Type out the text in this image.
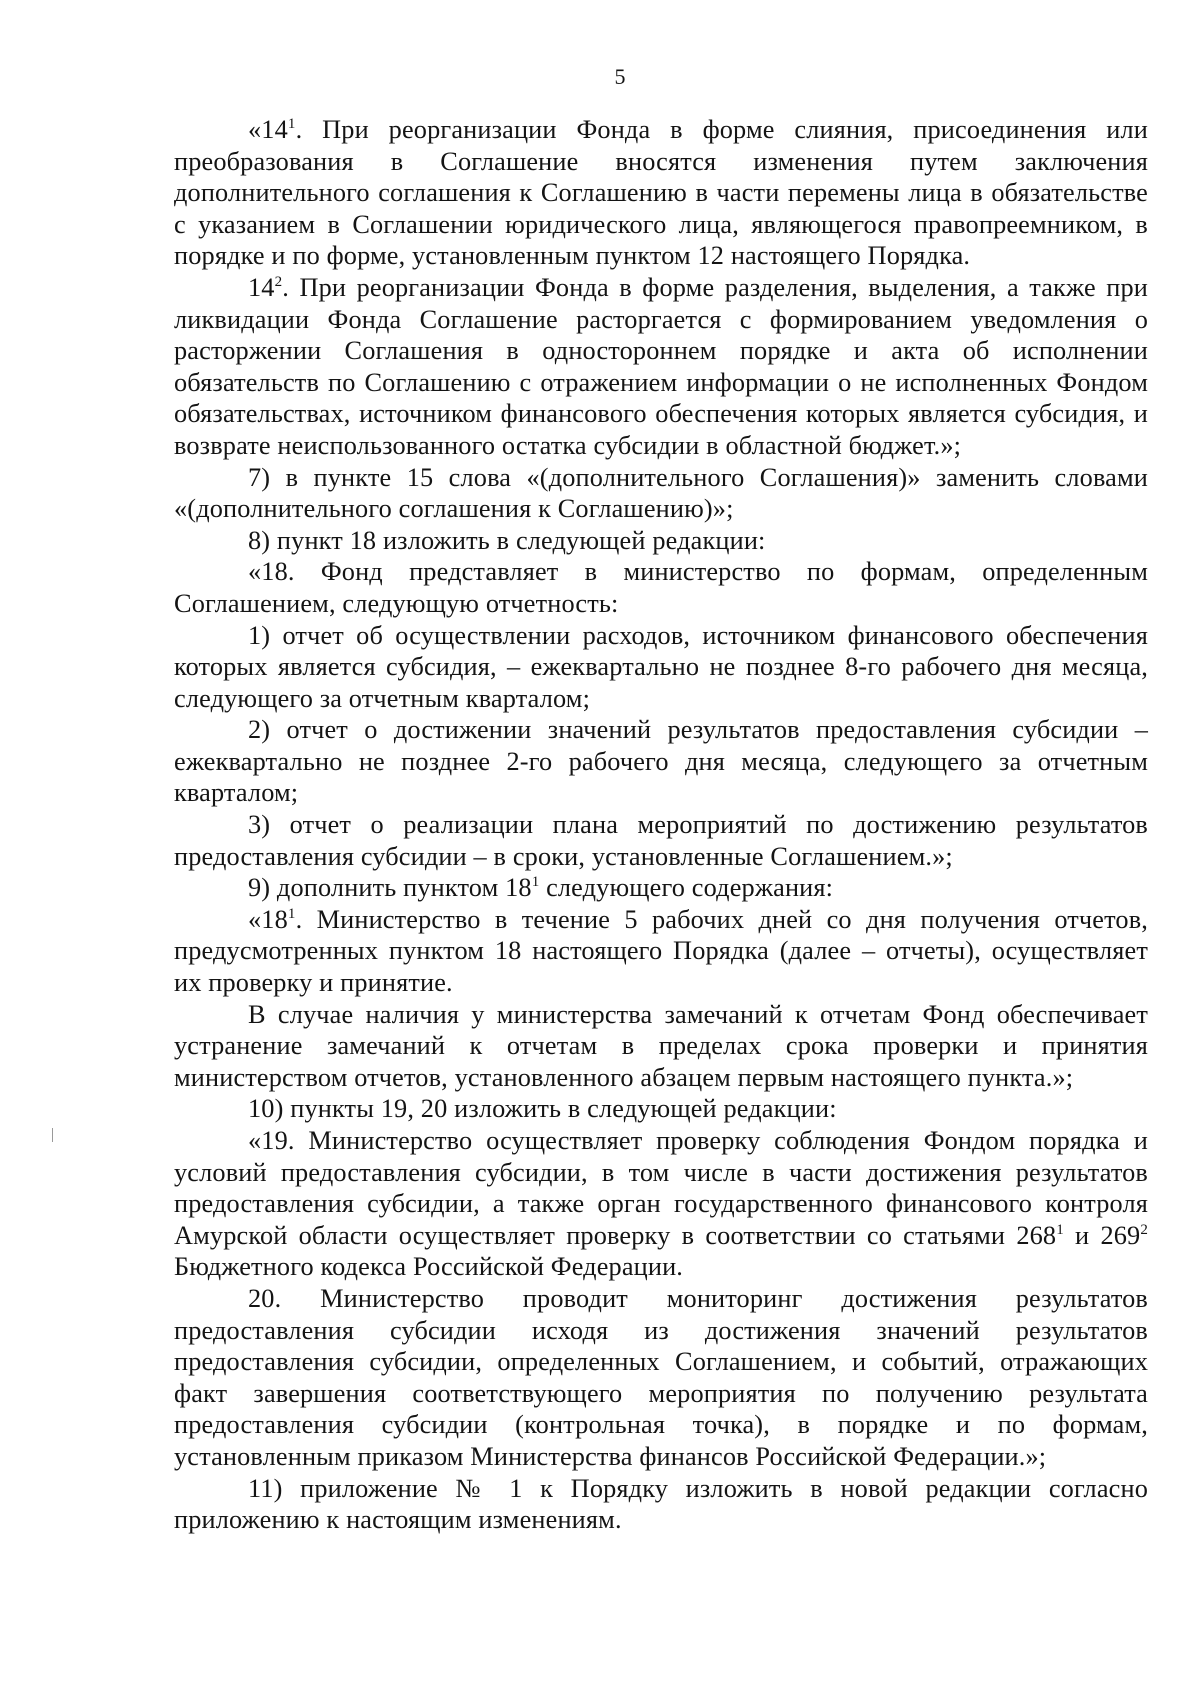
5

«$14^1$. При реорганизации Фонда в форме слияния, присоединения или преобразования в Соглашение вносятся изменения путем заключения дополнительного соглашения к Соглашению в части перемены лица в обязательстве с указанием в Соглашении юридического лица, являющегося правопреемником, в порядке и по форме, установленным пунктом 12 настоящего Порядка.

$14^2$. При реорганизации Фонда в форме разделения, выделения, а также при ликвидации Фонда Соглашение расторгается с формированием уведомления о расторжении Соглашения в одностороннем порядке и акта об исполнении обязательств по Соглашению с отражением информации о не исполненных Фондом обязательствах, источником финансового обеспечения которых является субсидия, и возврате неиспользованного остатка субсидии в областной бюджет.»;

7) в пункте 15 слова «(дополнительного Соглашения)» заменить словами «(дополнительного соглашения к Соглашению)»;

8) пункт 18 изложить в следующей редакции:

«18. Фонд представляет в министерство по формам, определенным Соглашением, следующую отчетность:

1) отчет об осуществлении расходов, источником финансового обеспечения которых является субсидия, – ежеквартально не позднее 8-го рабочего дня месяца, следующего за отчетным кварталом;

2) отчет о достижении значений результатов предоставления субсидии – ежеквартально не позднее 2-го рабочего дня месяца, следующего за отчетным кварталом;

3) отчет о реализации плана мероприятий по достижению результатов предоставления субсидии – в сроки, установленные Соглашением.»;

9) дополнить пунктом $18^1$ следующего содержания:

«$18^1$. Министерство в течение 5 рабочих дней со дня получения отчетов, предусмотренных пунктом 18 настоящего Порядка (далее – отчеты), осуществляет их проверку и принятие.

В случае наличия у министерства замечаний к отчетам Фонд обеспечивает устранение замечаний к отчетам в пределах срока проверки и принятия министерством отчетов, установленного абзацем первым настоящего пункта.»;

10) пункты 19, 20 изложить в следующей редакции:

«19. Министерство осуществляет проверку соблюдения Фондом порядка и условий предоставления субсидии, в том числе в части достижения результатов предоставления субсидии, а также орган государственного финансового контроля Амурской области осуществляет проверку в соответствии со статьями $268^1$ и $269^2$ Бюджетного кодекса Российской Федерации.

20. Министерство проводит мониторинг достижения результатов предоставления субсидии исходя из достижения значений результатов предоставления субсидии, определенных Соглашением, и событий, отражающих факт завершения соответствующего мероприятия по получению результата предоставления субсидии (контрольная точка), в порядке и по формам, установленным приказом Министерства финансов Российской Федерации.»;

11) приложение № 1 к Порядку изложить в новой редакции согласно приложению к настоящим изменениям.
